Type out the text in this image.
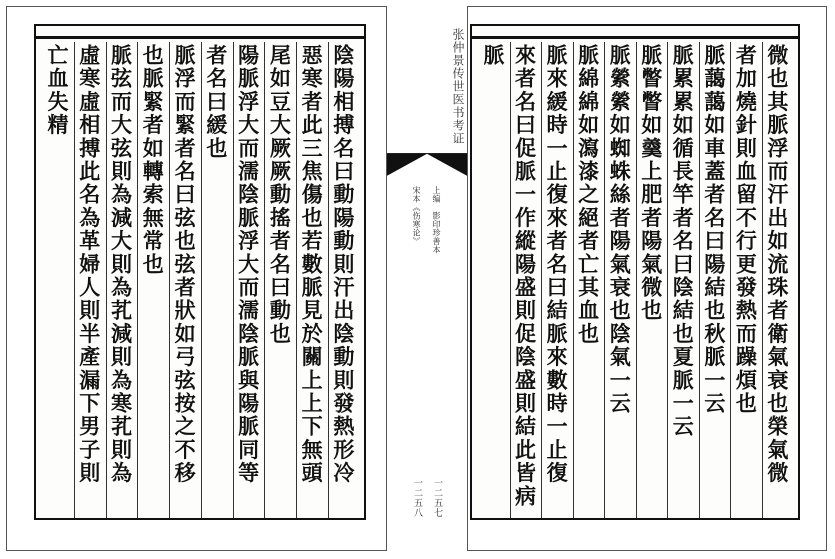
微也其脈浮而汗出如流珠者衛氣衰也榮氣微
者加燒針則血留不行更發熱而躁煩也
脈藹藹如車蓋者名曰陽結也秋脈一云
脈累累如循長竿者名曰陰結也夏脈一云
脈瞥瞥如羹上肥者陽氣微也
脈縈縈如蜘蛛絲者陽氣衰也陰氣一云
脈綿綿如瀉漆之絕者亡其血也
脈來緩時一止復來者名曰結脈來數時一止復
來者名曰促脈一作縱陽盛則促陰盛則結此皆病
脈
张仲景传世医书考证
上编　影印珍善本
宋本《伤寒论》
一二五七
一二五八
陰陽相搏名曰動陽動則汗出陰動則發熱形冷
惡寒者此三焦傷也若數脈見於關上上下無頭
尾如豆大厥厥動搖者名曰動也
陽脈浮大而濡陰脈浮大而濡陰脈與陽脈同等
者名曰緩也
脈浮而緊者名曰弦也弦者狀如弓弦按之不移
也脈緊者如轉索無常也
脈弦而大弦則為減大則為芤減則為寒芤則為
虛寒虛相搏此名為革婦人則半產漏下男子則
亡血失精
